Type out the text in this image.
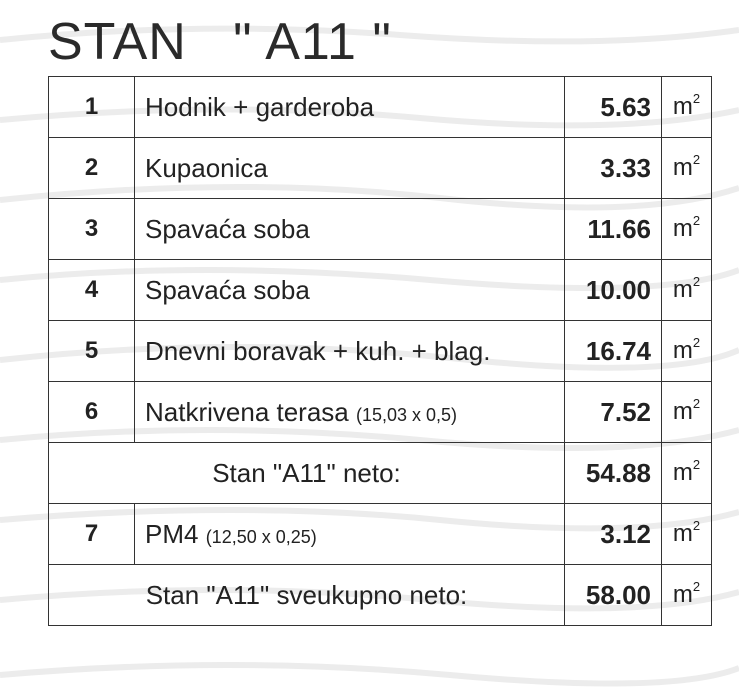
STAN   " A11 "
1	Hodnik + garderoba	5.63	$m^2$
2	Kupaonica	3.33	$m^2$
3	Spavaća soba	11.66	$m^2$
4	Spavaća soba	10.00	$m^2$
5	Dnevni boravak + kuh. + blag.	16.74	$m^2$
6	Natkrivena terasa (15,03 x 0,5)	7.52	$m^2$
Stan "A11" neto:		54.88	$m^2$
7	PM4 (12,50 x 0,25)	3.12	$m^2$
Stan "A11" sveukupno neto:		58.00	$m^2$
